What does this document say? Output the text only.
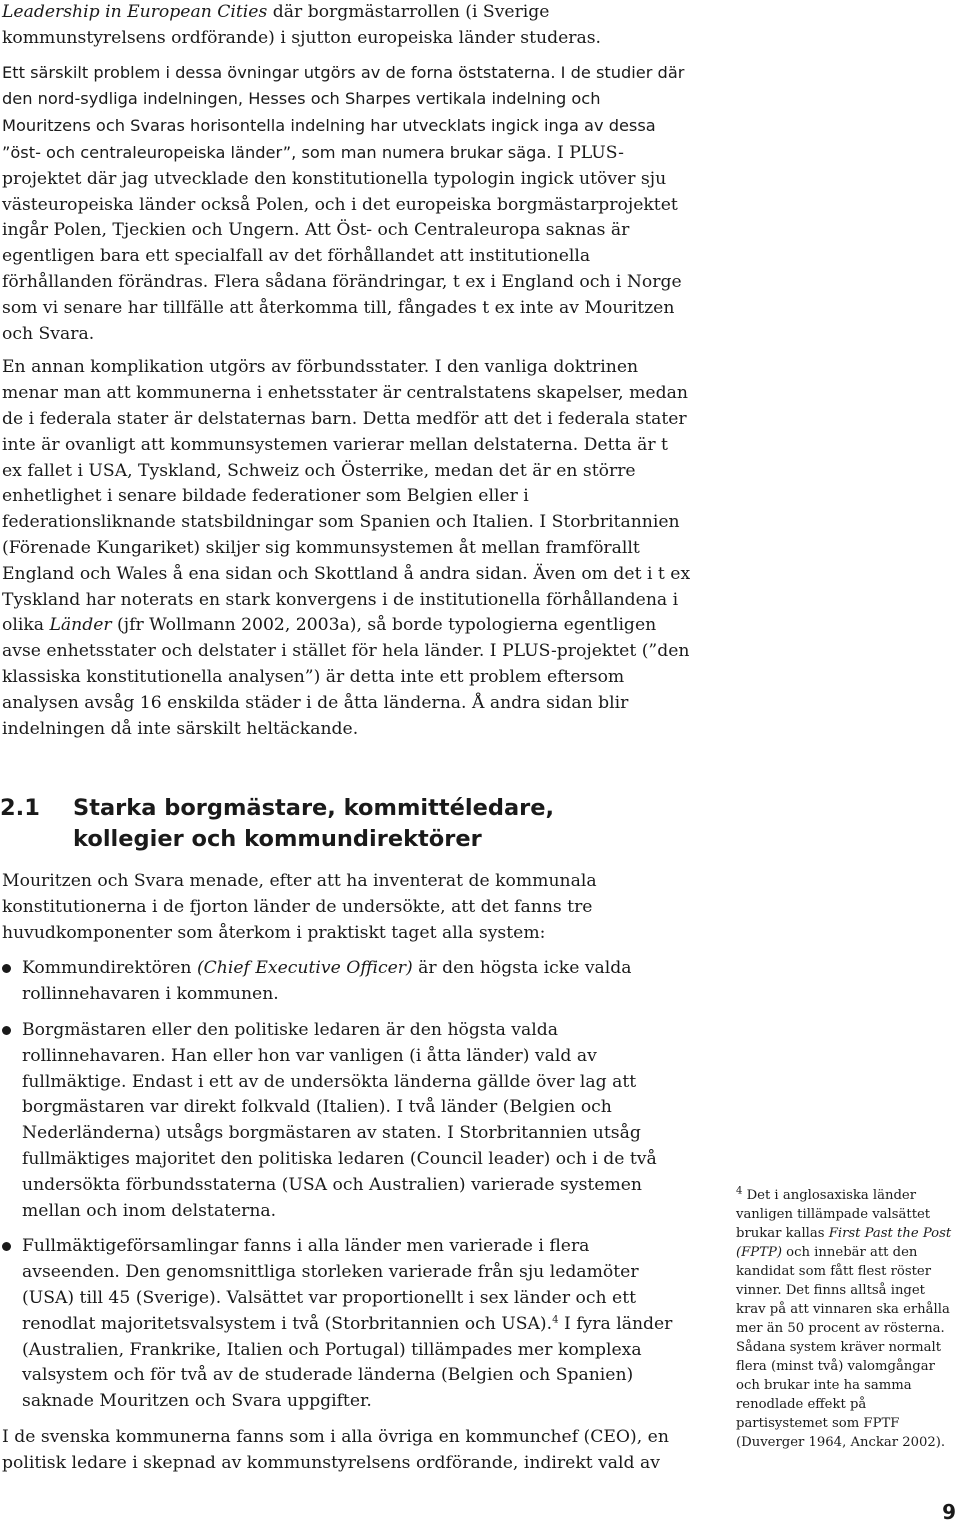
Leadership in European Cities där borgmästarrollen (i Sverige kommunstyrelsens ordförande) i sjutton europeiska länder studeras.

Ett särskilt problem i dessa övningar utgörs av de forna öststaterna. I de studier där den nord-sydliga indelningen, Hesses och Sharpes vertikala indelning och Mouritzens och Svaras horisontella indelning har utvecklats ingick inga av dessa ”öst- och centraleuropeiska länder”, som man numera brukar säga. I PLUS-projektet där jag utvecklade den konstitutionella typologin ingick utöver sju västeuropeiska länder också Polen, och i det europeiska borgmästarprojektet ingår Polen, Tjeckien och Ungern. Att Öst- och Centraleuropa saknas är egentligen bara ett specialfall av det förhållandet att institutionella förhållanden förändras. Flera sådana förändringar, t ex i England och i Norge som vi senare har tillfälle att återkomma till, fångades t ex inte av Mouritzen och Svara.

En annan komplikation utgörs av förbundsstater. I den vanliga doktrinen menar man att kommunerna i enhetsstater är centralstatens skapelser, medan de i federala stater är delstaternas barn. Detta medför att det i federala stater inte är ovanligt att kommunsystemen varierar mellan delstaterna. Detta är t ex fallet i USA, Tyskland, Schweiz och Österrike, medan det är en större enhetlighet i senare bildade federationer som Belgien eller i federationsliknande statsbildningar som Spanien och Italien. I Storbritannien (Förenade Kungariket) skiljer sig kommunsystemen åt mellan framförallt England och Wales å ena sidan och Skottland å andra sidan. Även om det i t ex Tyskland har noterats en stark konvergens i de institutionella förhållandena i olika Länder (jfr Wollmann 2002, 2003a), så borde typologierna egentligen avse enhetsstater och delstater i stället för hela länder. I PLUS-projektet (”den klassiska konstitutionella analysen”) är detta inte ett problem eftersom analysen avsåg 16 enskilda städer i de åtta länderna. Å andra sidan blir indelningen då inte särskilt heltäckande.

2.1	Starka borgmästare, kommittéledare,
kollegier och kommundirektörer

Mouritzen och Svara menade, efter att ha inventerat de kommunala konstitutionerna i de fjorton länder de undersökte, att det fanns tre huvudkomponenter som återkom i praktiskt taget alla system:

Kommundirektören (Chief Executive Officer) är den högsta icke valda rollinnehavaren i kommunen.
Borgmästaren eller den politiske ledaren är den högsta valda rollinnehavaren. Han eller hon var vanligen (i åtta länder) vald av fullmäktige. Endast i ett av de undersökta länderna gällde över lag att borgmästaren var direkt folkvald (Italien). I två länder (Belgien och Nederländerna) utsågs borgmästaren av staten. I Storbritannien utsåg fullmäktiges majoritet den politiska ledaren (Council leader) och i de två undersökta förbundsstaterna (USA och Australien) varierade systemen mellan och inom delstaterna.
Fullmäktigeförsamlingar fanns i alla länder men varierade i flera avseenden. Den genomsnittliga storleken varierade från sju ledamöter (USA) till 45 (Sverige). Valsättet var proportionellt i sex länder och ett renodlat majoritetsvalsystem i två (Storbritannien och USA).$^4$ I fyra länder (Australien, Frankrike, Italien och Portugal) tillämpades mer komplexa valsystem och för två av de studerade länderna (Belgien och Spanien) saknade Mouritzen och Svara uppgifter.

I de svenska kommunerna fanns som i alla övriga en kommunchef (CEO), en politisk ledare i skepnad av kommunstyrelsens ordförande, indirekt vald av

$^4$ Det i anglosaxiska länder vanligen tillämpade valsättet brukar kallas First Past the Post (FPTP) och innebär att den kandidat som fått flest röster vinner. Det finns alltså inget krav på att vinnaren ska erhålla mer än 50 procent av rösterna. Sådana system kräver normalt flera (minst två) valomgångar och brukar inte ha samma renodlade effekt på partisystemet som FPTF (Duverger 1964, Anckar 2002).
9
